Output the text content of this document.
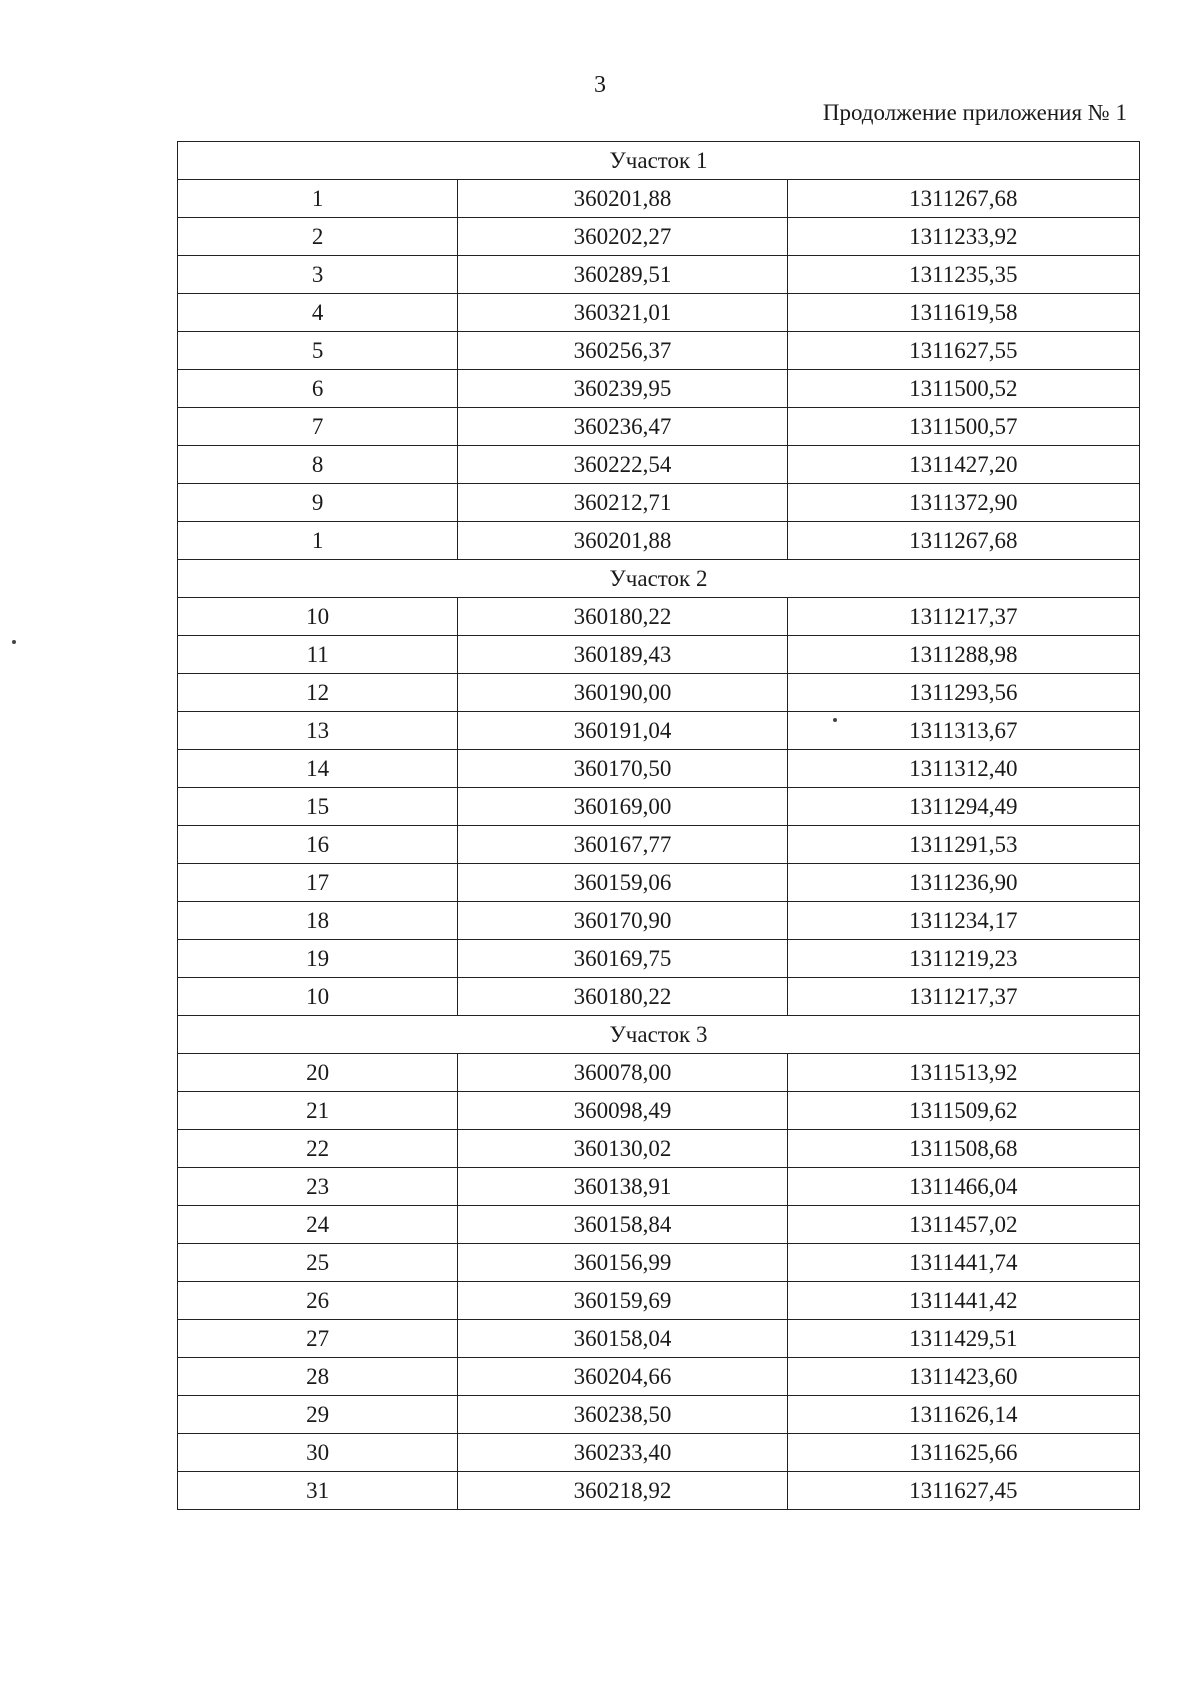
3
Продолжение приложения № 1
Участок 1		
1	360201,88	1311267,68
2	360202,27	1311233,92
3	360289,51	1311235,35
4	360321,01	1311619,58
5	360256,37	1311627,55
6	360239,95	1311500,52
7	360236,47	1311500,57
8	360222,54	1311427,20
9	360212,71	1311372,90
1	360201,88	1311267,68
Участок 2		
10	360180,22	1311217,37
11	360189,43	1311288,98
12	360190,00	1311293,56
13	360191,04	1311313,67
14	360170,50	1311312,40
15	360169,00	1311294,49
16	360167,77	1311291,53
17	360159,06	1311236,90
18	360170,90	1311234,17
19	360169,75	1311219,23
10	360180,22	1311217,37
Участок 3		
20	360078,00	1311513,92
21	360098,49	1311509,62
22	360130,02	1311508,68
23	360138,91	1311466,04
24	360158,84	1311457,02
25	360156,99	1311441,74
26	360159,69	1311441,42
27	360158,04	1311429,51
28	360204,66	1311423,60
29	360238,50	1311626,14
30	360233,40	1311625,66
31	360218,92	1311627,45
